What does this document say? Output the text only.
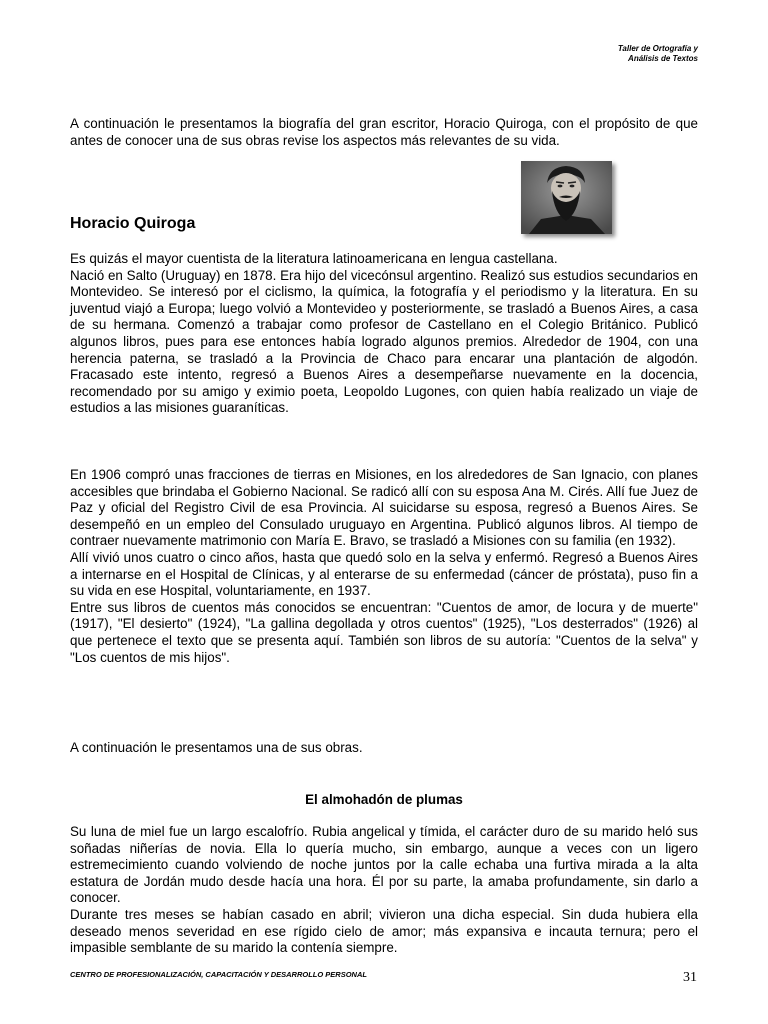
Taller de Ortografía y
Análisis de Textos

A continuación le presentamos la biografía del gran escritor, Horacio Quiroga, con el propósito de que antes de conocer una de sus obras revise los aspectos más relevantes de su vida.

Horacio Quiroga
Es quizás el mayor cuentista de la literatura latinoamericana en lengua castellana.
Nació en Salto (Uruguay) en 1878. Era hijo del vicecónsul argentino. Realizó sus estudios secundarios en Montevideo. Se interesó por el ciclismo, la química, la fotografía y el periodismo y la literatura. En su juventud viajó a Europa; luego volvió a Montevideo y posteriormente, se trasladó a Buenos Aires, a casa de su hermana. Comenzó a trabajar como profesor de Castellano en el Colegio Británico. Publicó algunos libros, pues para ese entonces había logrado algunos premios. Alrededor de 1904, con una herencia paterna, se trasladó a la Provincia de Chaco para encarar una plantación de algodón. Fracasado este intento, regresó a Buenos Aires a desempeñarse nuevamente en la docencia, recomendado por su amigo y eximio poeta, Leopoldo Lugones, con quien había realizado un viaje de estudios a las misiones guaraníticas.
En 1906 compró unas fracciones de tierras en Misiones, en los alrededores de San Ignacio, con planes accesibles que brindaba el Gobierno Nacional. Se radicó allí con su esposa Ana M. Cirés. Allí fue Juez de Paz y oficial del Registro Civil de esa Provincia. Al suicidarse su esposa, regresó a Buenos Aires. Se desempeñó en un empleo del Consulado uruguayo en Argentina. Publicó algunos libros. Al tiempo de contraer nuevamente matrimonio con María E. Bravo, se trasladó a Misiones con su familia (en 1932).
Allí vivió unos cuatro o cinco años, hasta que quedó solo en la selva y enfermó. Regresó a Buenos Aires a internarse en el Hospital de Clínicas, y al enterarse de su enfermedad (cáncer de próstata), puso fin a su vida en ese Hospital, voluntariamente, en 1937.
Entre sus libros de cuentos más conocidos se encuentran: "Cuentos de amor, de locura y de muerte" (1917), "El desierto" (1924), "La gallina degollada y otros cuentos" (1925), "Los desterrados" (1926) al que pertenece el texto que se presenta aquí. También son libros de su autoría: "Cuentos de la selva" y "Los cuentos de mis hijos".

A continuación le presentamos una de sus obras.

El almohadón de plumas
Su luna de miel fue un largo escalofrío. Rubia angelical y tímida, el carácter duro de su marido heló sus soñadas niñerías de novia. Ella lo quería mucho, sin embargo, aunque a veces con un ligero estremecimiento cuando volviendo de noche juntos por la calle echaba una furtiva mirada a la alta estatura de Jordán mudo desde hacía una hora. Él por su parte, la amaba profundamente, sin darlo a conocer.
Durante tres meses se habían casado en abril; vivieron una dicha especial. Sin duda hubiera ella deseado menos severidad en ese rígido cielo de amor; más expansiva e incauta ternura; pero el impasible semblante de su marido la contenía siempre.
CENTRO DE PROFESIONALIZACIÓN, CAPACITACIÓN Y DESARROLLO PERSONAL	31
